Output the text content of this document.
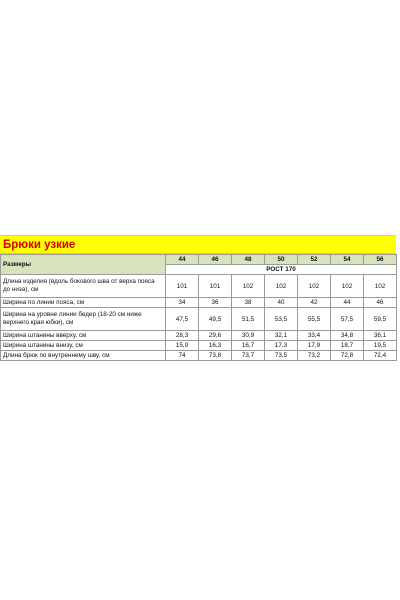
Брюки узкие
Размеры	44	46	48	50	52	54	56
	РОСТ 170						
Длина изделия (вдоль бокового шва от верха пояса до низа), см	101	101	102	102	102	102	102
Ширина по линии пояса, см	34	36	38	40	42	44	46
Ширина на уровне линии бедер (18-20 см ниже верхнего края юбки), см	47,5	49,5	51,5	53,5	55,5	57,5	59,5
Ширина штанины вверху, см	28,3	29,6	30,9	32,1	33,4	34,8	36,1
Ширина штанины внизу, см	15,9	16,3	16,7	17,3	17,9	18,7	19,5
Длина брюк по внутреннему шву, см	74	73,8	73,7	73,5	73,2	72,8	72,4
